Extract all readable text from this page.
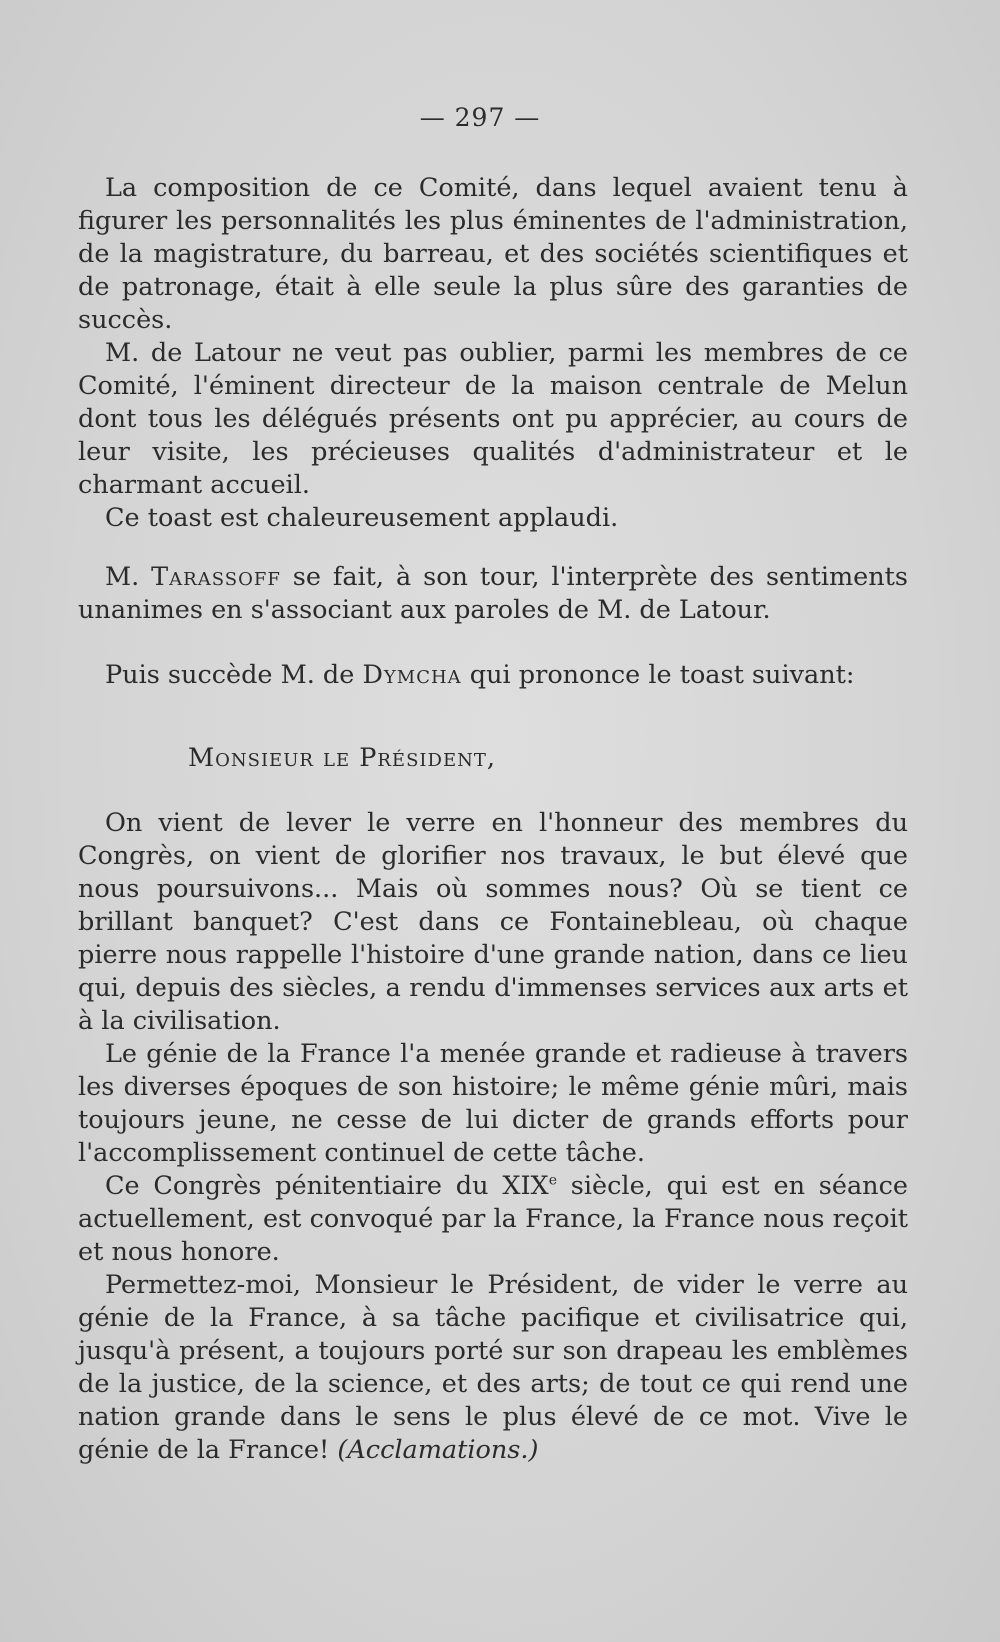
— 297 —

La composition de ce Comité, dans lequel avaient tenu à figurer les personnalités les plus éminentes de l'administration, de la magistrature, du barreau, et des sociétés scientifiques et de patronage, était à elle seule la plus sûre des garanties de succès.

M. de Latour ne veut pas oublier, parmi les membres de ce Comité, l'éminent directeur de la maison centrale de Melun dont tous les délégués présents ont pu apprécier, au cours de leur visite, les précieuses qualités d'administrateur et le charmant accueil.

Ce toast est chaleureusement applaudi.

M. Tarassoff se fait, à son tour, l'interprète des sentiments unanimes en s'associant aux paroles de M. de Latour.

Puis succède M. de Dymcha qui prononce le toast suivant:

Monsieur le Président,

On vient de lever le verre en l'honneur des membres du Congrès, on vient de glorifier nos travaux, le but élevé que nous poursuivons... Mais où sommes nous? Où se tient ce brillant banquet? C'est dans ce Fontainebleau, où chaque pierre nous rappelle l'histoire d'une grande nation, dans ce lieu qui, depuis des siècles, a rendu d'immenses services aux arts et à la civilisation.

Le génie de la France l'a menée grande et radieuse à travers les diverses époques de son histoire; le même génie mûri, mais toujours jeune, ne cesse de lui dicter de grands efforts pour l'accomplissement continuel de cette tâche.

Ce Congrès pénitentiaire du XIXe siècle, qui est en séance actuellement, est convoqué par la France, la France nous reçoit et nous honore.

Permettez-moi, Monsieur le Président, de vider le verre au génie de la France, à sa tâche pacifique et civilisatrice qui, jusqu'à présent, a toujours porté sur son drapeau les emblèmes de la justice, de la science, et des arts; de tout ce qui rend une nation grande dans le sens le plus élevé de ce mot. Vive le génie de la France! (Acclamations.)
